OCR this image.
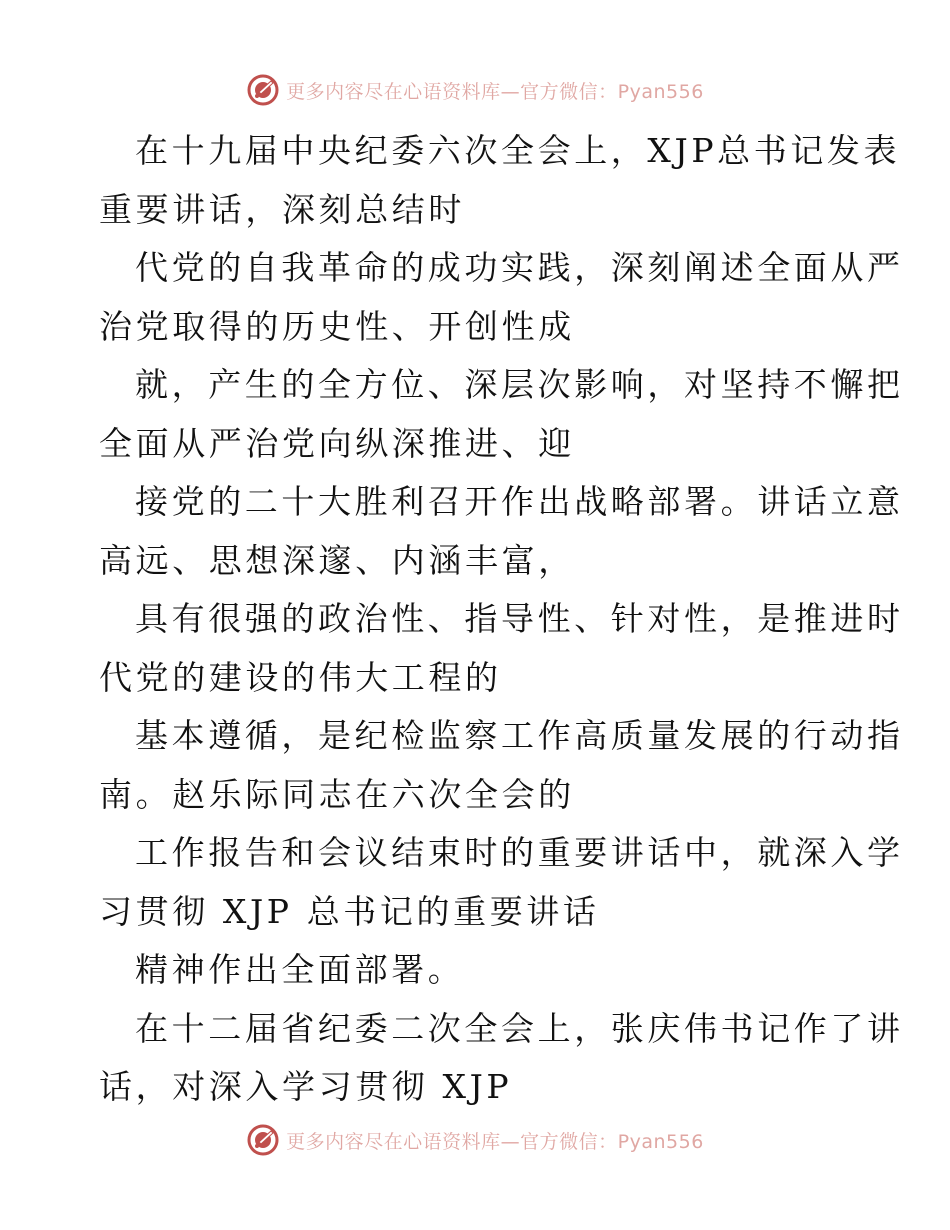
更多内容尽在心语资料库—官方微信：Pyan556
在十九届中央纪委六次全会上，XJP总书记发表
重要讲话，深刻总结时
代党的自我革命的成功实践，深刻阐述全面从严
治党取得的历史性、开创性成
就，产生的全方位、深层次影响，对坚持不懈把
全面从严治党向纵深推进、迎
接党的二十大胜利召开作出战略部署。讲话立意
高远、思想深邃、内涵丰富，
具有很强的政治性、指导性、针对性，是推进时
代党的建设的伟大工程的
基本遵循，是纪检监察工作高质量发展的行动指
南。赵乐际同志在六次全会的
工作报告和会议结束时的重要讲话中，就深入学
习贯彻 XJP 总书记的重要讲话
精神作出全面部署。
在十二届省纪委二次全会上，张庆伟书记作了讲
话，对深入学习贯彻 XJP
更多内容尽在心语资料库—官方微信：Pyan556
